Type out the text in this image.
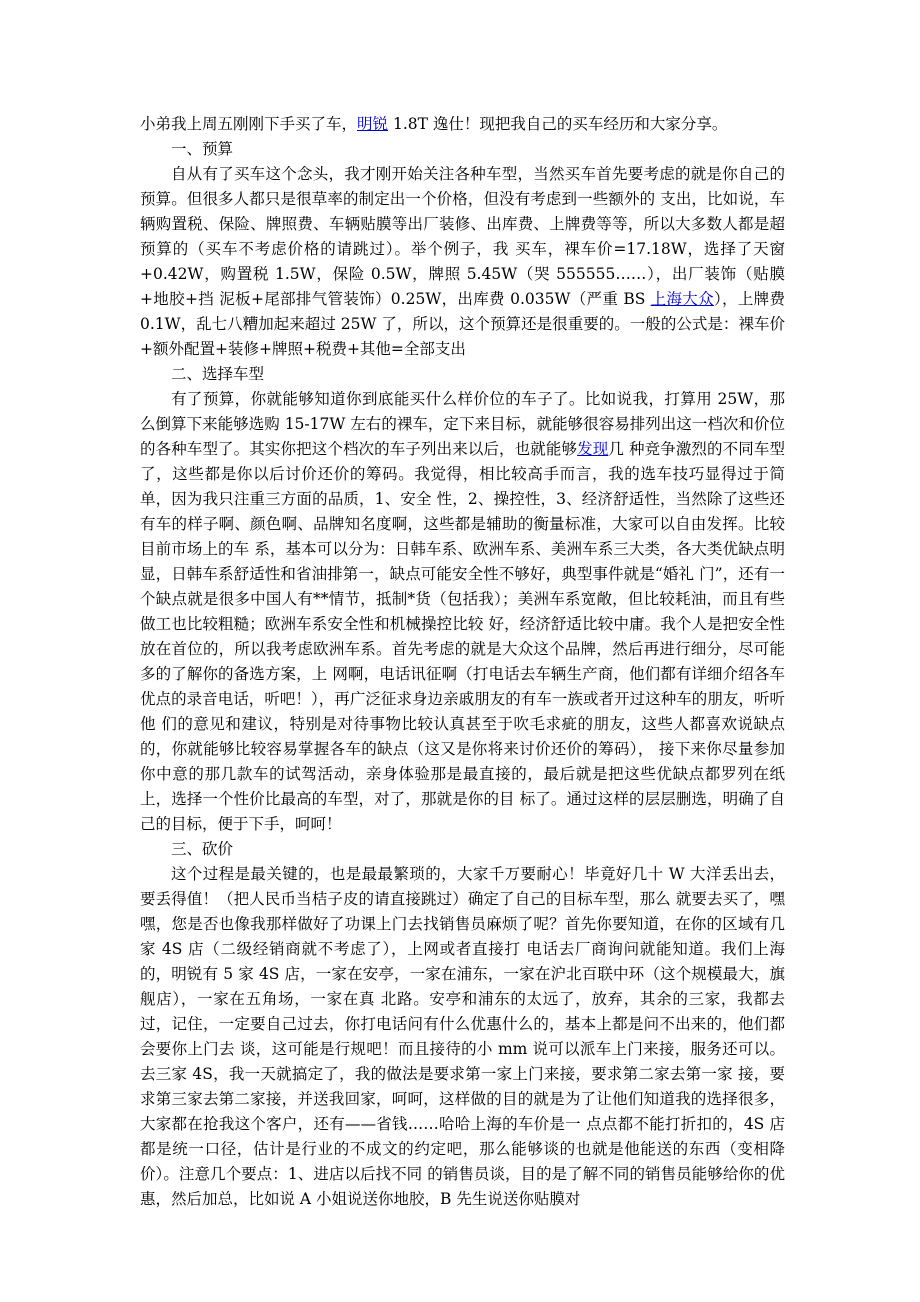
小弟我上周五刚刚下手买了车，明锐 1.8T 逸仕！现把我自己的买车经历和大家分享。

一、预算

自从有了买车这个念头，我才刚开始关注各种车型，当然买车首先要考虑的就是你自己的预算。但很多人都只是很草率的制定出一个价格，但没有考虑到一些额外的 支出，比如说，车辆购置税、保险、牌照费、车辆贴膜等出厂装修、出库费、上牌费等等，所以大多数人都是超预算的（买车不考虑价格的请跳过）。举个例子，我 买车，裸车价=17.18W，选择了天窗+0.42W，购置税 1.5W，保险 0.5W，牌照 5.45W（哭 555555……），出厂装饰（贴膜+地胶+挡 泥板+尾部排气管装饰）0.25W，出库费 0.035W（严重 BS 上海大众），上牌费 0.1W，乱七八糟加起来超过 25W 了，所以，这个预算还是很重要的。一般的公式是：裸车价+额外配置+装修+牌照+税费+其他=全部支出

二、选择车型

有了预算，你就能够知道你到底能买什么样价位的车子了。比如说我，打算用 25W，那么倒算下来能够选购 15-17W 左右的裸车，定下来目标，就能够很容易排列出这一档次和价位的各种车型了。其实你把这个档次的车子列出来以后，也就能够发现几 种竞争激烈的不同车型了，这些都是你以后讨价还价的筹码。我觉得，相比较高手而言，我的选车技巧显得过于简单，因为我只注重三方面的品质，1、安全 性，2、操控性，3、经济舒适性，当然除了这些还有车的样子啊、颜色啊、品牌知名度啊，这些都是辅助的衡量标准，大家可以自由发挥。比较目前市场上的车 系，基本可以分为：日韩车系、欧洲车系、美洲车系三大类，各大类优缺点明显，日韩车系舒适性和省油排第一，缺点可能安全性不够好，典型事件就是“婚礼 门”，还有一个缺点就是很多中国人有**情节，抵制*货（包括我）；美洲车系宽敞，但比较耗油，而且有些做工也比较粗糙；欧洲车系安全性和机械操控比较 好，经济舒适比较中庸。我个人是把安全性放在首位的，所以我考虑欧洲车系。首先考虑的就是大众这个品牌，然后再进行细分，尽可能多的了解你的备选方案，上 网啊，电话讯征啊（打电话去车辆生产商，他们都有详细介绍各车优点的录音电话，听吧！），再广泛征求身边亲戚朋友的有车一族或者开过这种车的朋友，听听他 们的意见和建议，特别是对待事物比较认真甚至于吹毛求疵的朋友，这些人都喜欢说缺点的，你就能够比较容易掌握各车的缺点（这又是你将来讨价还价的筹码）， 接下来你尽量参加你中意的那几款车的试驾活动，亲身体验那是最直接的，最后就是把这些优缺点都罗列在纸上，选择一个性价比最高的车型，对了，那就是你的目 标了。通过这样的层层删选，明确了自己的目标，便于下手，呵呵！

三、砍价

这个过程是最关键的，也是最最繁琐的，大家千万要耐心！毕竟好几十 W 大洋丢出去，要丢得值！（把人民币当桔子皮的请直接跳过）确定了自己的目标车型，那么 就要去买了，嘿嘿，您是否也像我那样做好了功课上门去找销售员麻烦了呢？首先你要知道，在你的区域有几家 4S 店（二级经销商就不考虑了），上网或者直接打 电话去厂商询问就能知道。我们上海的，明锐有 5 家 4S 店，一家在安亭，一家在浦东，一家在沪北百联中环（这个规模最大，旗舰店），一家在五角场，一家在真 北路。安亭和浦东的太远了，放弃，其余的三家，我都去过，记住，一定要自己过去，你打电话问有什么优惠什么的，基本上都是问不出来的，他们都会要你上门去 谈，这可能是行规吧！而且接待的小 mm 说可以派车上门来接，服务还可以。去三家 4S，我一天就搞定了，我的做法是要求第一家上门来接，要求第二家去第一家 接，要求第三家去第二家接，并送我回家，呵呵，这样做的目的就是为了让他们知道我的选择很多，大家都在抢我这个客户，还有——省钱……哈哈上海的车价是一 点点都不能打折扣的，4S 店都是统一口径，估计是行业的不成文的约定吧，那么能够谈的也就是他能送的东西（变相降价）。注意几个要点：1、进店以后找不同 的销售员谈，目的是了解不同的销售员能够给你的优惠，然后加总，比如说 A 小姐说送你地胶，B 先生说送你贴膜对
